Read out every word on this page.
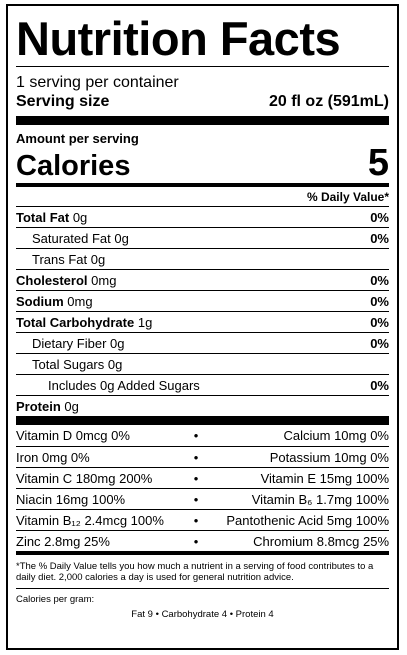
Nutrition Facts
1 serving per container
Serving size	20 fl oz (591mL)
Amount per serving
Calories	5
% Daily Value*
Total Fat 0g	0%
Saturated Fat 0g	0%
Trans Fat 0g
Cholesterol 0mg	0%
Sodium 0mg	0%
Total Carbohydrate 1g	0%
Dietary Fiber 0g	0%
Total Sugars 0g
Includes 0g Added Sugars	0%
Protein 0g
Vitamin D 0mcg 0%	•	Calcium 10mg 0%
Iron 0mg 0%	•	Potassium 10mg 0%
Vitamin C 180mg 200%	•	Vitamin E 15mg 100%
Niacin 16mg 100%	•	Vitamin B₆ 1.7mg 100%
Vitamin B₁₂ 2.4mcg 100%	•	Pantothenic Acid 5mg 100%
Zinc 2.8mg 25%	•	Chromium 8.8mcg 25%
*The % Daily Value tells you how much a nutrient in a serving of food contributes to a daily diet. 2,000 calories a day is used for general nutrition advice.
Calories per gram:
Fat 9 • Carbohydrate 4 • Protein 4
